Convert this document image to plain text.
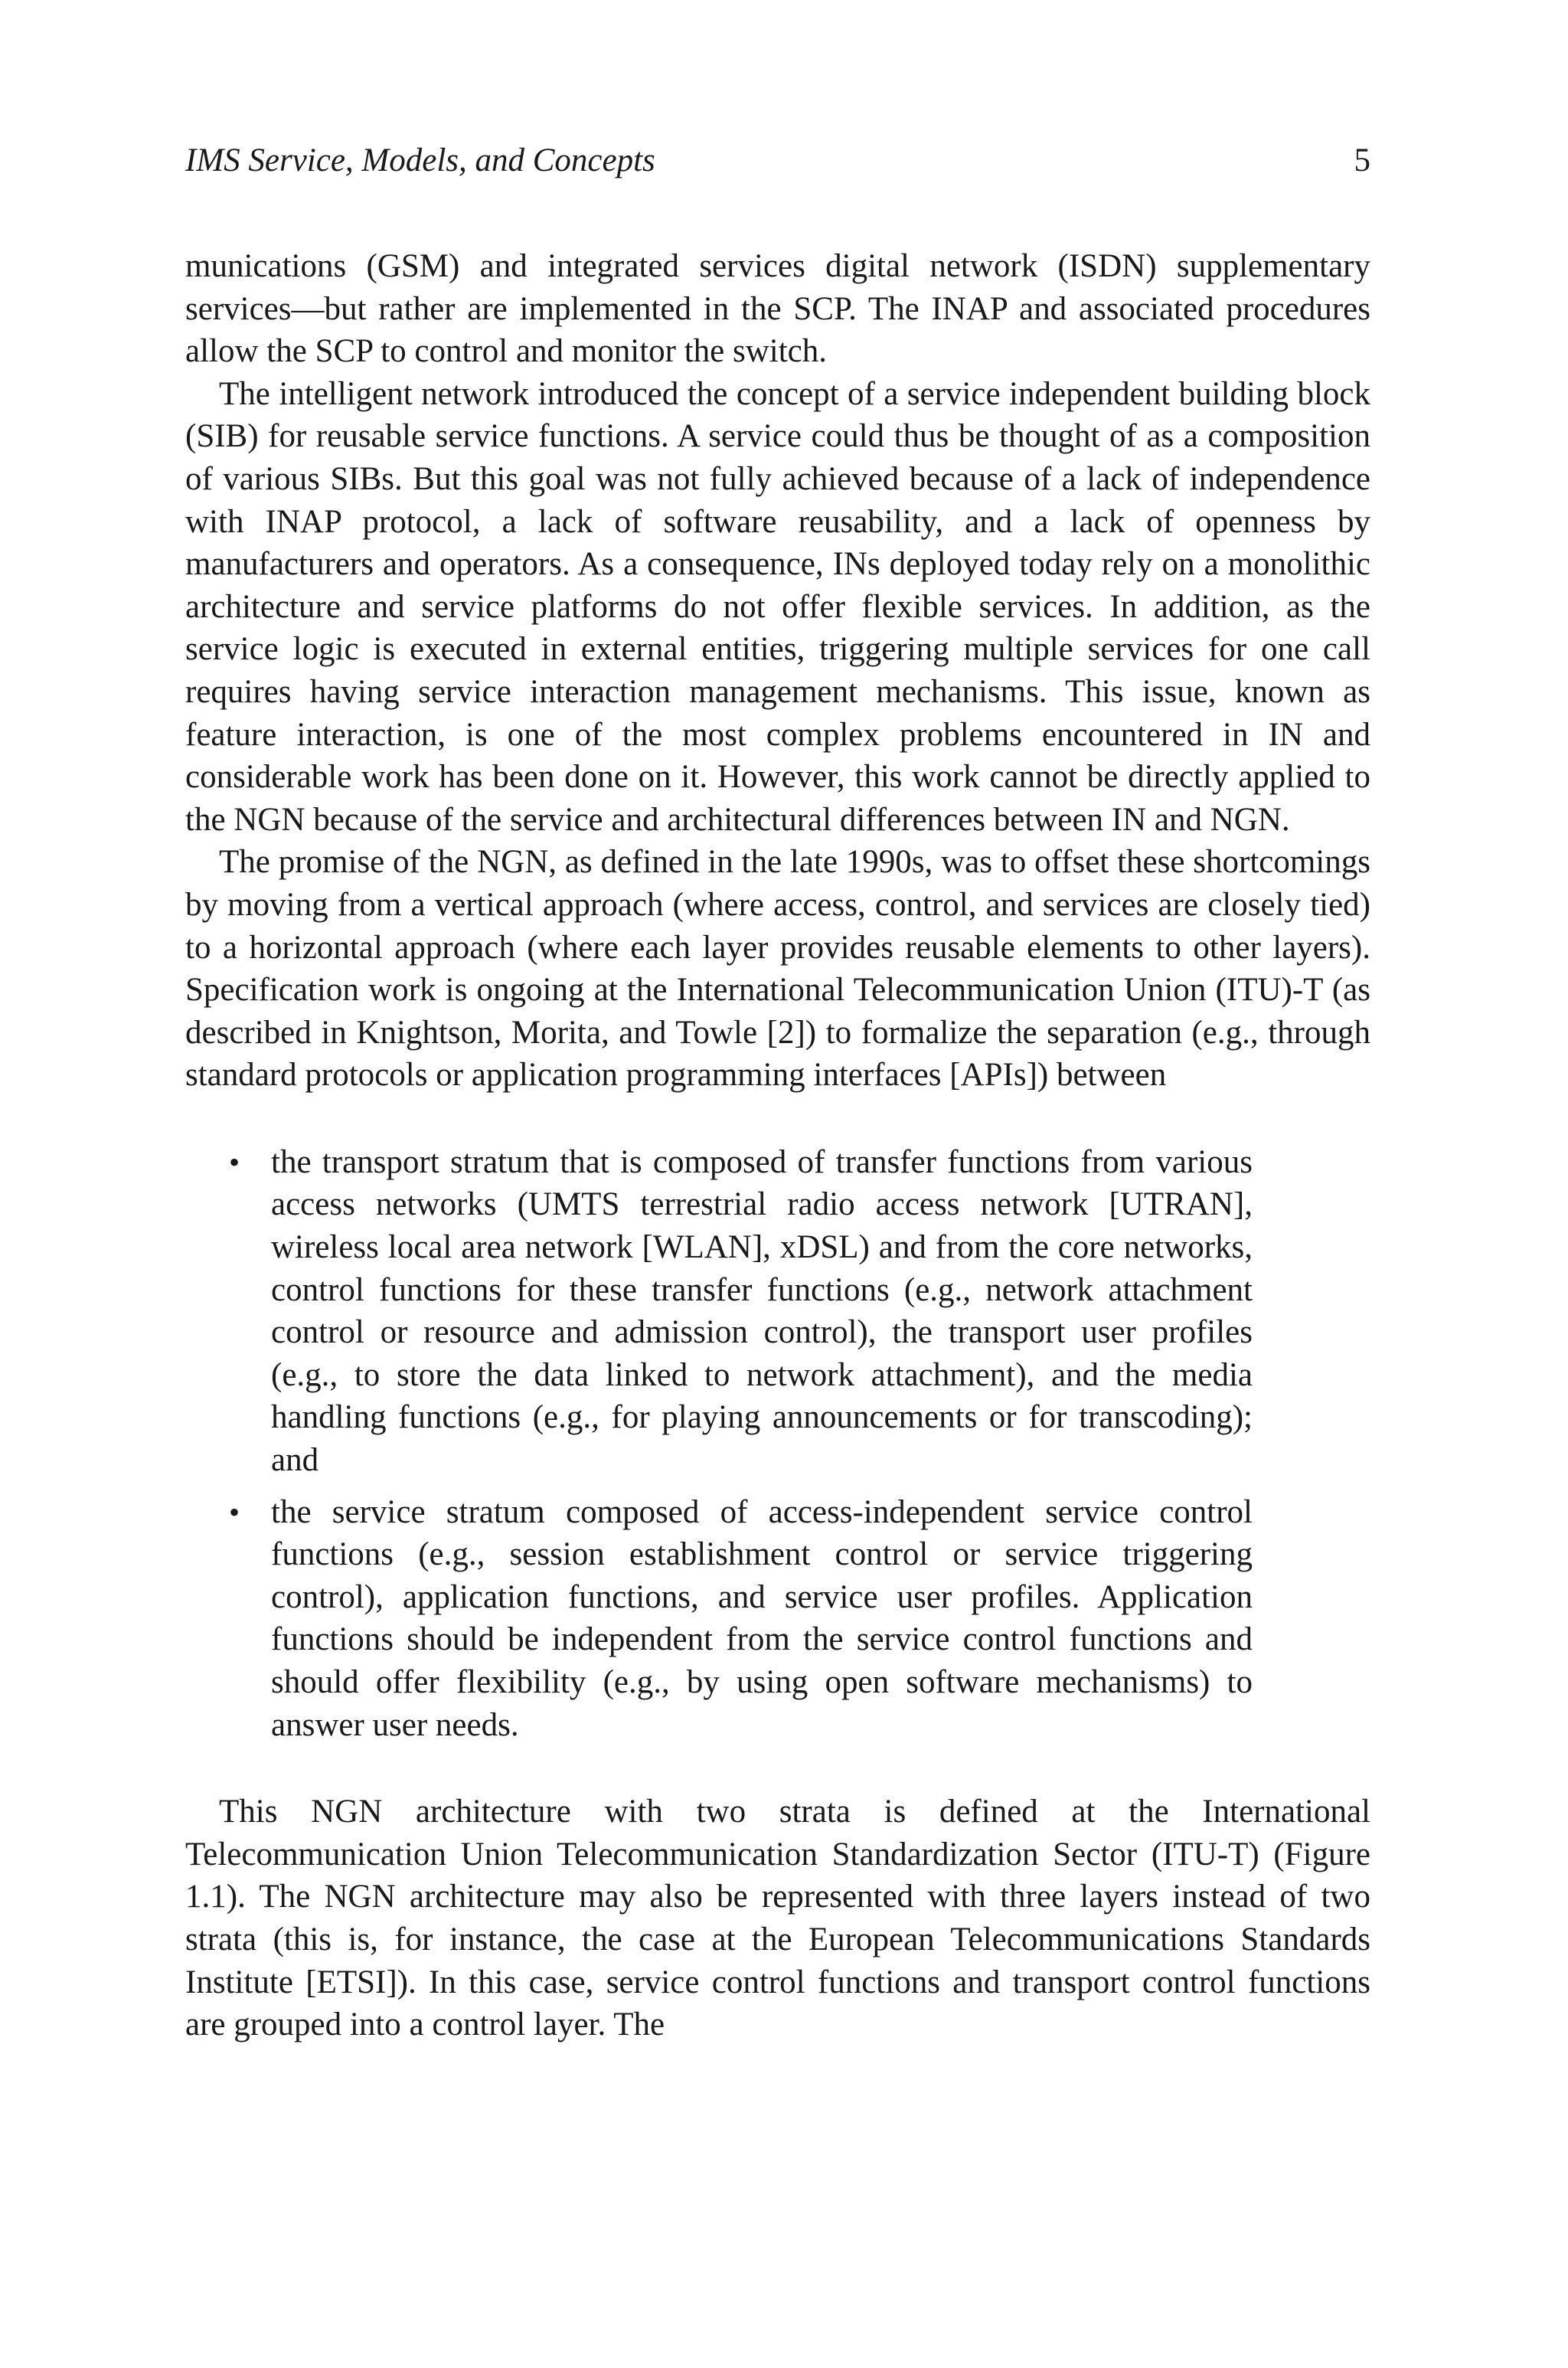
IMS Service, Models, and Concepts	5

munications (GSM) and integrated services digital network (ISDN) supplementary services—but rather are implemented in the SCP. The INAP and associated procedures allow the SCP to control and monitor the switch.

The intelligent network introduced the concept of a service independent building block (SIB) for reusable service functions. A service could thus be thought of as a composition of various SIBs. But this goal was not fully achieved because of a lack of independence with INAP protocol, a lack of software reusability, and a lack of openness by manufacturers and operators. As a consequence, INs deployed today rely on a monolithic architecture and service platforms do not offer flexible services. In addition, as the service logic is executed in external entities, triggering multiple services for one call requires having service interaction management mechanisms. This issue, known as feature interaction, is one of the most complex problems encountered in IN and considerable work has been done on it. However, this work cannot be directly applied to the NGN because of the service and architectural differences between IN and NGN.

The promise of the NGN, as defined in the late 1990s, was to offset these shortcomings by moving from a vertical approach (where access, control, and services are closely tied) to a horizontal approach (where each layer provides reusable elements to other layers). Specification work is ongoing at the International Telecommunication Union (ITU)-T (as described in Knightson, Morita, and Towle [2]) to formalize the separation (e.g., through standard protocols or application programming interfaces [APIs]) between

• the transport stratum that is composed of transfer functions from various access networks (UMTS terrestrial radio access network [UTRAN], wireless local area network [WLAN], xDSL) and from the core networks, control functions for these transfer functions (e.g., network attachment control or resource and admission control), the transport user profiles (e.g., to store the data linked to network attachment), and the media handling functions (e.g., for playing announcements or for transcoding); and
• the service stratum composed of access-independent service control functions (e.g., session establishment control or service triggering control), application functions, and service user profiles. Application functions should be independent from the service control functions and should offer flexibility (e.g., by using open software mechanisms) to answer user needs.

This NGN architecture with two strata is defined at the International Telecommunication Union Telecommunication Standardization Sector (ITU-T) (Figure 1.1). The NGN architecture may also be represented with three layers instead of two strata (this is, for instance, the case at the European Telecommunications Standards Institute [ETSI]). In this case, service control functions and transport control functions are grouped into a control layer. The
